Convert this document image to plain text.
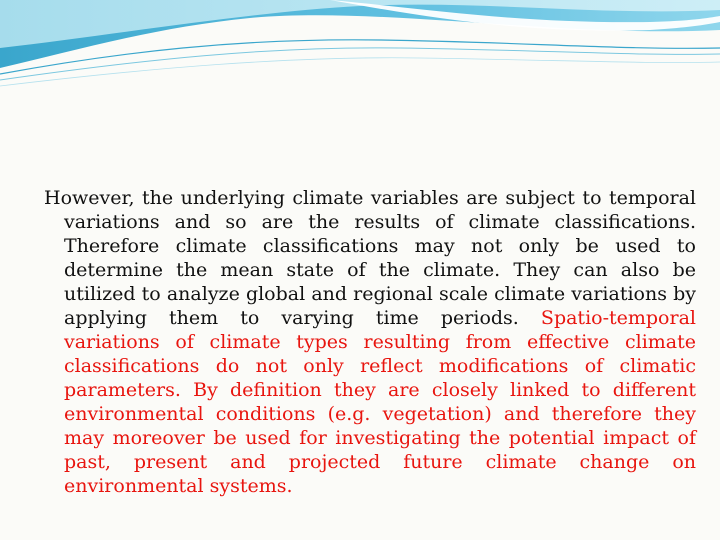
However, the underlying climate variables are subject to temporal variations and so are the results of climate classifications. Therefore climate classifications may not only be used to determine the mean state of the climate. They can also be utilized to analyze global and regional scale climate variations by applying them to varying time periods. Spatio-temporal variations of climate types resulting from effective climate classifications do not only reflect modifications of climatic parameters. By definition they are closely linked to different environmental conditions (e.g. vegetation) and therefore they may moreover be used for investigating the potential impact of past, present and projected future climate change on environmental systems.
